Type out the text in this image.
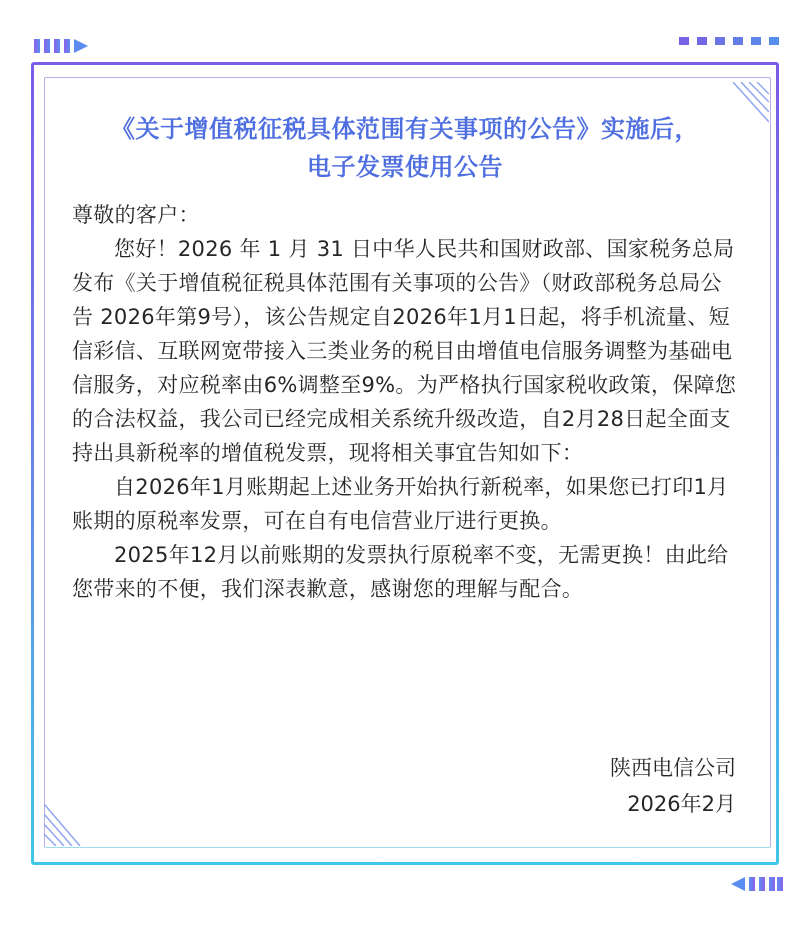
《关于增值税征税具体范围有关事项的公告》实施后，
电子发票使用公告

尊敬的客户：

您好！2026 年 1 月 31 日中华人民共和国财政部、国家税务总局发布《关于增值税征税具体范围有关事项的公告》（财政部税务总局公告 2026年第9号），该公告规定自2026年1月1日起，将手机流量、短信彩信、互联网宽带接入三类业务的税目由增值电信服务调整为基础电信服务，对应税率由6%调整至9%。为严格执行国家税收政策，保障您的合法权益，我公司已经完成相关系统升级改造，自2月28日起全面支持出具新税率的增值税发票，现将相关事宜告知如下：

自2026年1月账期起上述业务开始执行新税率，如果您已打印1月账期的原税率发票，可在自有电信营业厅进行更换。

2025年12月以前账期的发票执行原税率不变，无需更换！由此给您带来的不便，我们深表歉意，感谢您的理解与配合。

陕西电信公司
2026年2月
